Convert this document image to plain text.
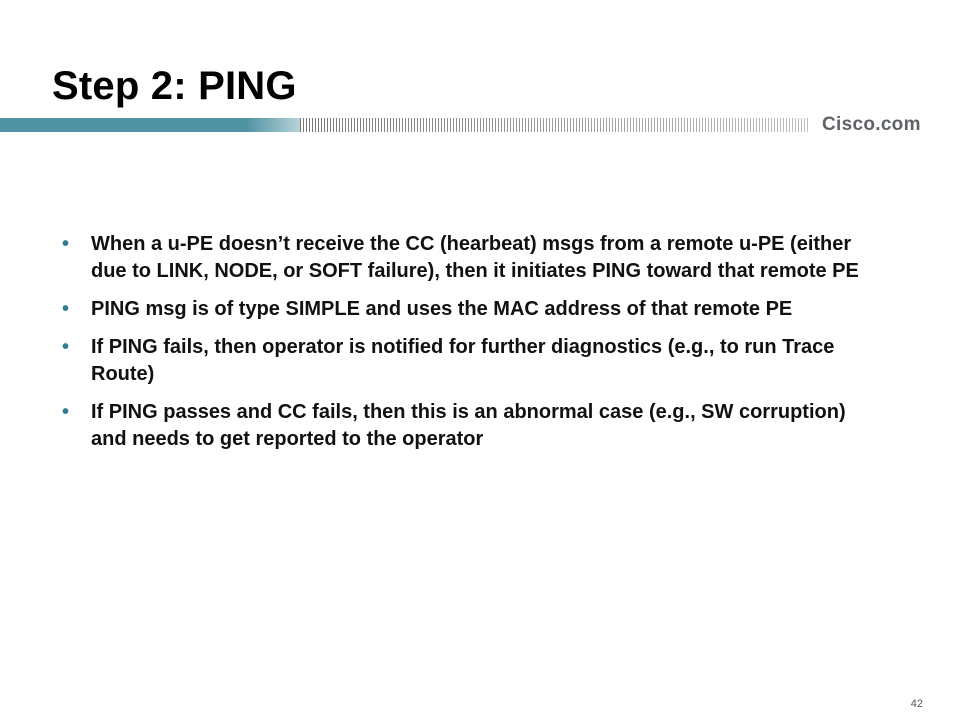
Step 2: PING
Cisco.com
• When a u-PE doesn’t receive the CC (hearbeat) msgs from a remote u-PE (either due to LINK, NODE, or SOFT failure), then it initiates PING toward that remote PE
• PING msg is of type SIMPLE and uses the MAC address of that remote PE
• If PING fails, then operator is notified for further diagnostics (e.g., to run Trace Route)
• If PING passes and CC fails, then this is an abnormal case (e.g., SW corruption) and needs to get reported to the operator
42
